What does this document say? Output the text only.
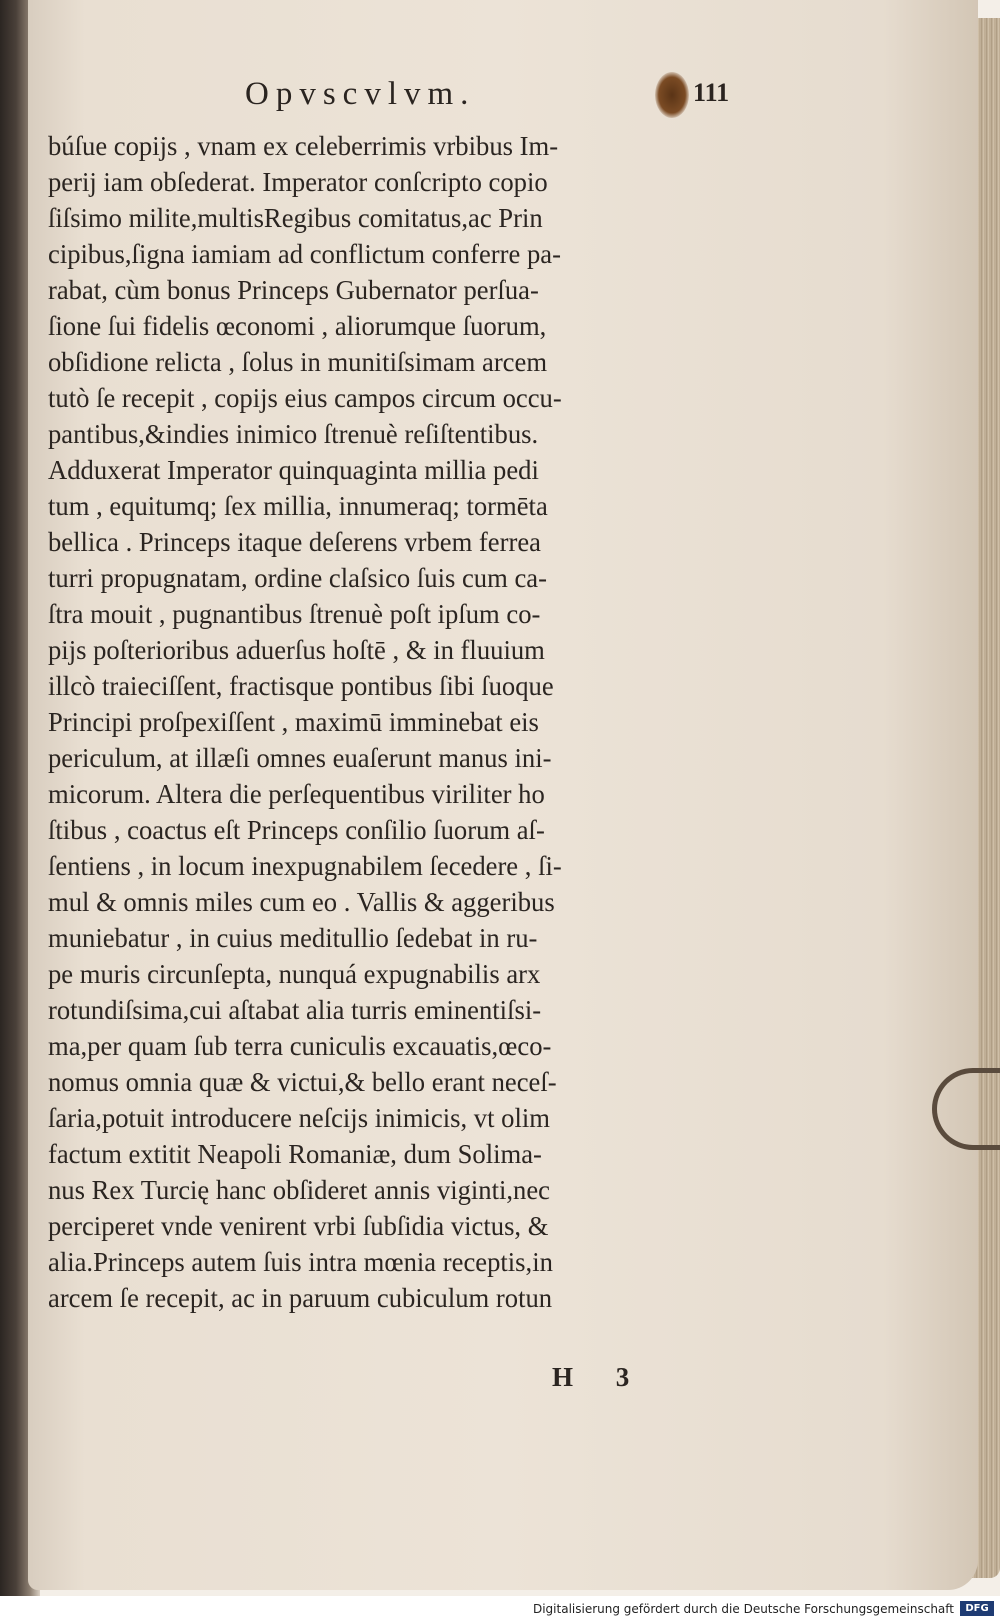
Opvscvlvm.	111
búſue copijs , vnam ex celeberrimis vrbibus Im-
perij iam obſederat. Imperator conſcripto copio
ſiſsimo milite,multisRegibus comitatus,ac Prin
cipibus,ſigna iamiam ad conflictum conferre pa-
rabat, cùm bonus Princeps Gubernator perſua-
ſione ſui fidelis œconomi , aliorumque ſuorum,
obſidione relicta , ſolus in munitiſsimam arcem
tutò ſe recepit , copijs eius campos circum occu-
pantibus,&indies inimico ſtrenuè reſiſtentibus.
Adduxerat Imperator quinquaginta millia pedi
tum , equitumq; ſex millia, innumeraq; tormēta
bellica . Princeps itaque deſerens vrbem ferrea
turri propugnatam, ordine claſsico ſuis cum ca-
ſtra mouit , pugnantibus ſtrenuè poſt ipſum co-
pijs poſterioribus aduerſus hoſtē , & in fluuium
illcò traieciſſent, fractisque pontibus ſibi ſuoque
Principi proſpexiſſent , maximū imminebat eis
periculum, at illæſi omnes euaſerunt manus ini-
micorum. Altera die perſequentibus viriliter ho
ſtibus , coactus eſt Princeps conſilio ſuorum aſ-
ſentiens , in locum inexpugnabilem ſecedere , ſi-
mul & omnis miles cum eo . Vallis & aggeribus
muniebatur , in cuius meditullio ſedebat in ru-
pe muris circunſepta, nunquá expugnabilis arx
rotundiſsima,cui aſtabat alia turris eminentiſsi-
ma,per quam ſub terra cuniculis excauatis,œco-
nomus omnia quæ & victui,& bello erant neceſ-
ſaria,potuit introducere neſcijs inimicis, vt olim
factum extitit Neapoli Romaniæ, dum Solima-
nus Rex Turcię hanc obſideret annis viginti,nec
perciperet vnde venirent vrbi ſubſidia victus, &
alia.Princeps autem ſuis intra mœnia receptis,in
arcem ſe recepit, ac in paruum cubiculum rotun
H 3
Digitalisierung gefördert durch die Deutsche Forschungsgemeinschaft	DFG
